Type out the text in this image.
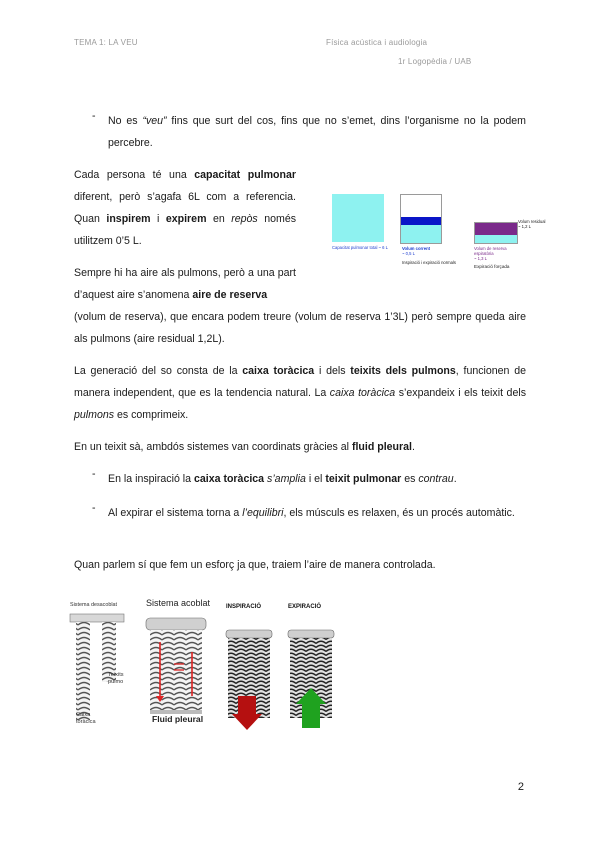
TEMA 1: LA VEU	Física acústica i audiologia
1r Logopèdia / UAB
- No es “veu” fins que surt del cos, fins que no s’emet, dins l’organisme no la podem percebre.
Cada persona té una capacitat pulmonar diferent, però s’agafa 6L com a referencia. Quan inspirem i expirem en repòs només utilitzem 0’5 L.
Capacitat pulmonar total ~ 6 L	Volum corrent
~ 0,5 L
Inspiració i expiració normals
Volum residual
~ 1,2 L
Volum de reserva espiratòria
~ 1,3 L
Expiració forçada
Sempre hi ha aire als pulmons, però a una part d’aquest aire s’anomena aire de reserva
(volum de reserva), que encara podem treure (volum de reserva 1’3L) però sempre queda aire als pulmons (aire residual 1,2L).
La generació del so consta de la caixa toràcica i dels teixits dels pulmons, funcionen de manera independent, que es la tendencia natural. La caixa toràcica s’expandeix i els teixit dels pulmons es comprimeix.
En un teixit sà, ambdós sistemes van coordinats gràcies al fluid pleural.
- En la inspiració la caixa toràcica s’amplia i el teixit pulmonar es contrau.
- Al expirar el sistema torna a l’equilibri, els músculs es relaxen, és un procés automàtic.
Quan parlem sí que fem un esforç ja que, traiem l’aire de manera controlada.
Sistema desacoblat	Sistema acoblat	INSPIRACIÓ	EXPIRACIÓ
Teixits pulmo
Caixa toràcica	Fluid pleural
2
